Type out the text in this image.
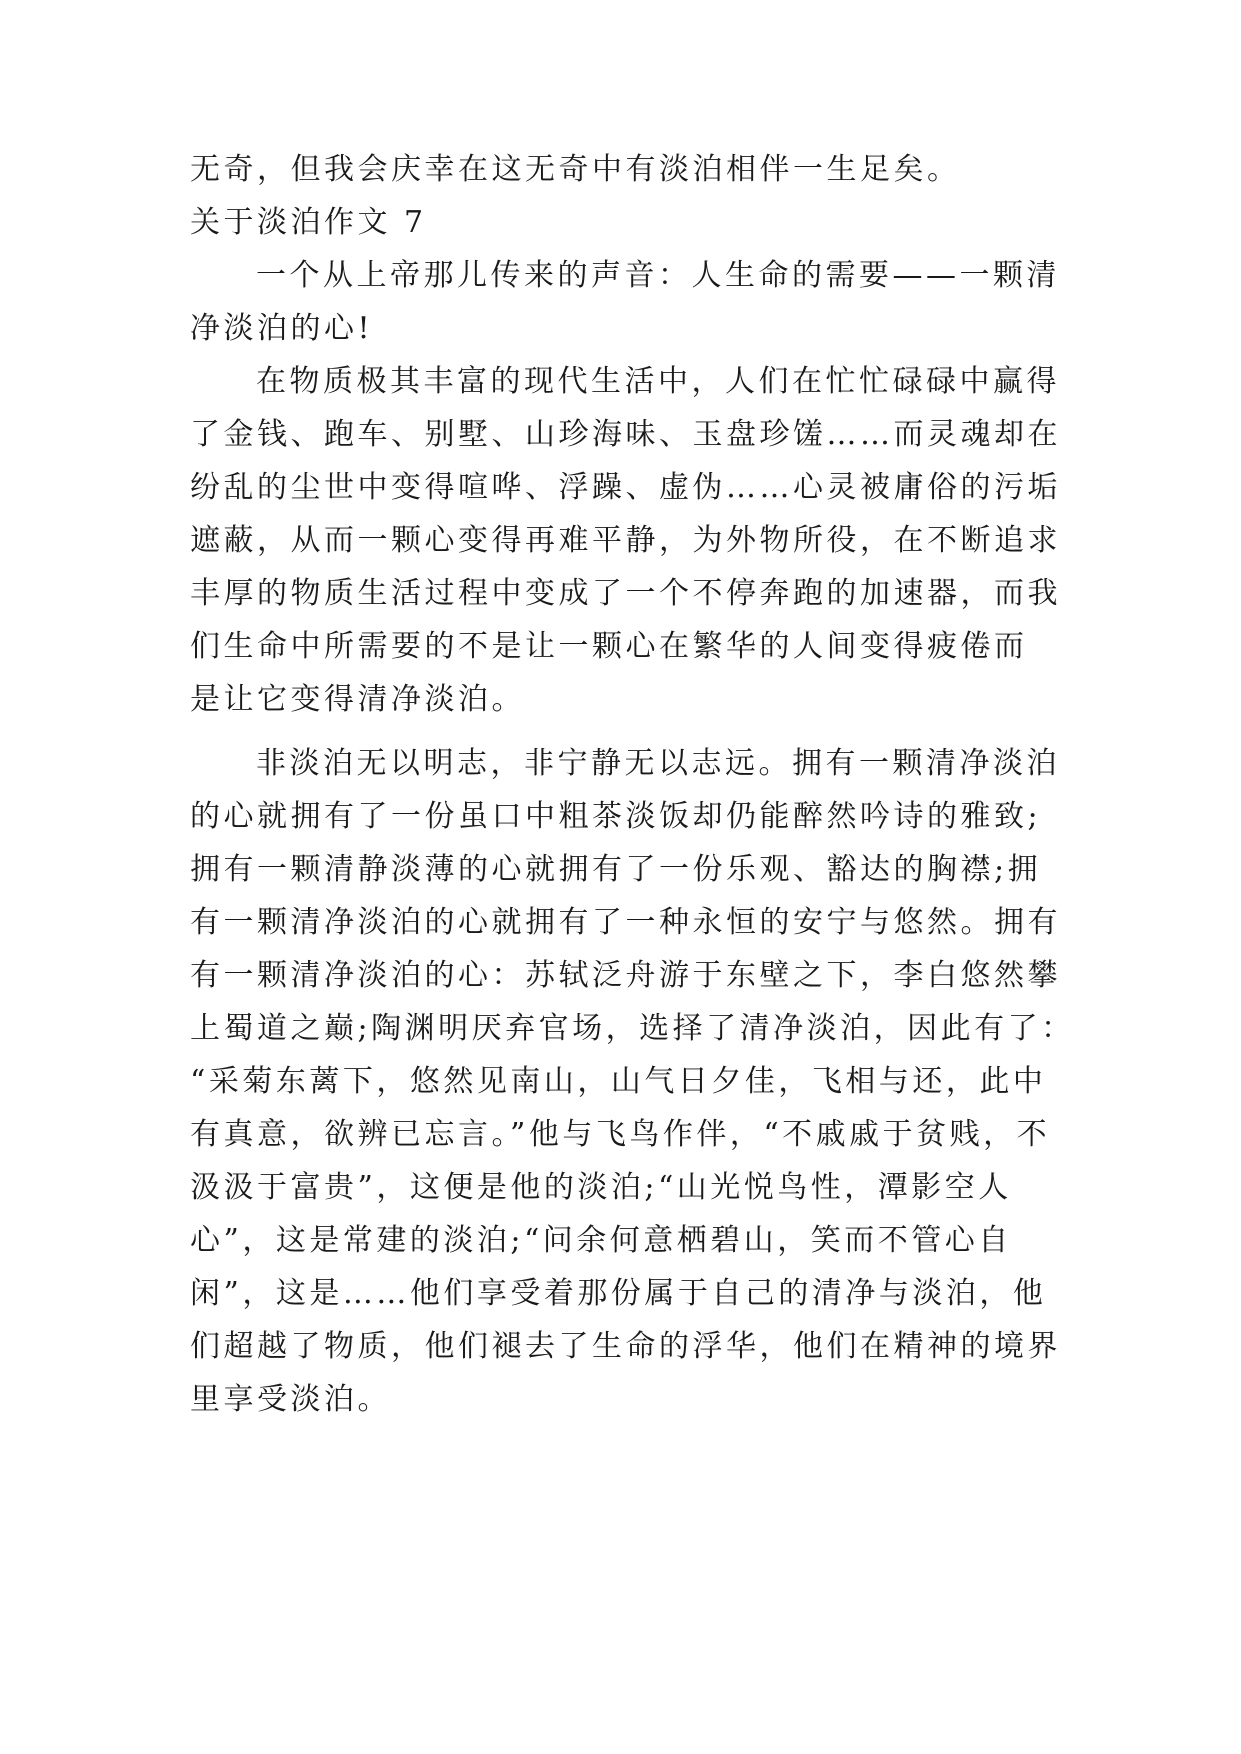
无奇，但我会庆幸在这无奇中有淡泊相伴一生足矣。
关于淡泊作文 7
一个从上帝那儿传来的声音：人生命的需要——一颗清
净淡泊的心!
在物质极其丰富的现代生活中，人们在忙忙碌碌中赢得
了金钱、跑车、别墅、山珍海味、玉盘珍馐……而灵魂却在
纷乱的尘世中变得喧哗、浮躁、虚伪……心灵被庸俗的污垢
遮蔽，从而一颗心变得再难平静，为外物所役，在不断追求
丰厚的物质生活过程中变成了一个不停奔跑的加速器，而我
们生命中所需要的不是让一颗心在繁华的人间变得疲倦而
是让它变得清净淡泊。
非淡泊无以明志，非宁静无以志远。拥有一颗清净淡泊
的心就拥有了一份虽口中粗茶淡饭却仍能醉然吟诗的雅致;
拥有一颗清静淡薄的心就拥有了一份乐观、豁达的胸襟;拥
有一颗清净淡泊的心就拥有了一种永恒的安宁与悠然。拥有
有一颗清净淡泊的心：苏轼泛舟游于东壁之下，李白悠然攀
上蜀道之巅;陶渊明厌弃官场，选择了清净淡泊，因此有了：
“采菊东蓠下，悠然见南山，山气日夕佳，飞相与还，此中
有真意，欲辨已忘言。”他与飞鸟作伴，“不戚戚于贫贱，不
汲汲于富贵”，这便是他的淡泊;“山光悦鸟性，潭影空人
心”，这是常建的淡泊;“问余何意栖碧山，笑而不管心自
闲”，这是……他们享受着那份属于自己的清净与淡泊，他
们超越了物质，他们褪去了生命的浮华，他们在精神的境界
里享受淡泊。
